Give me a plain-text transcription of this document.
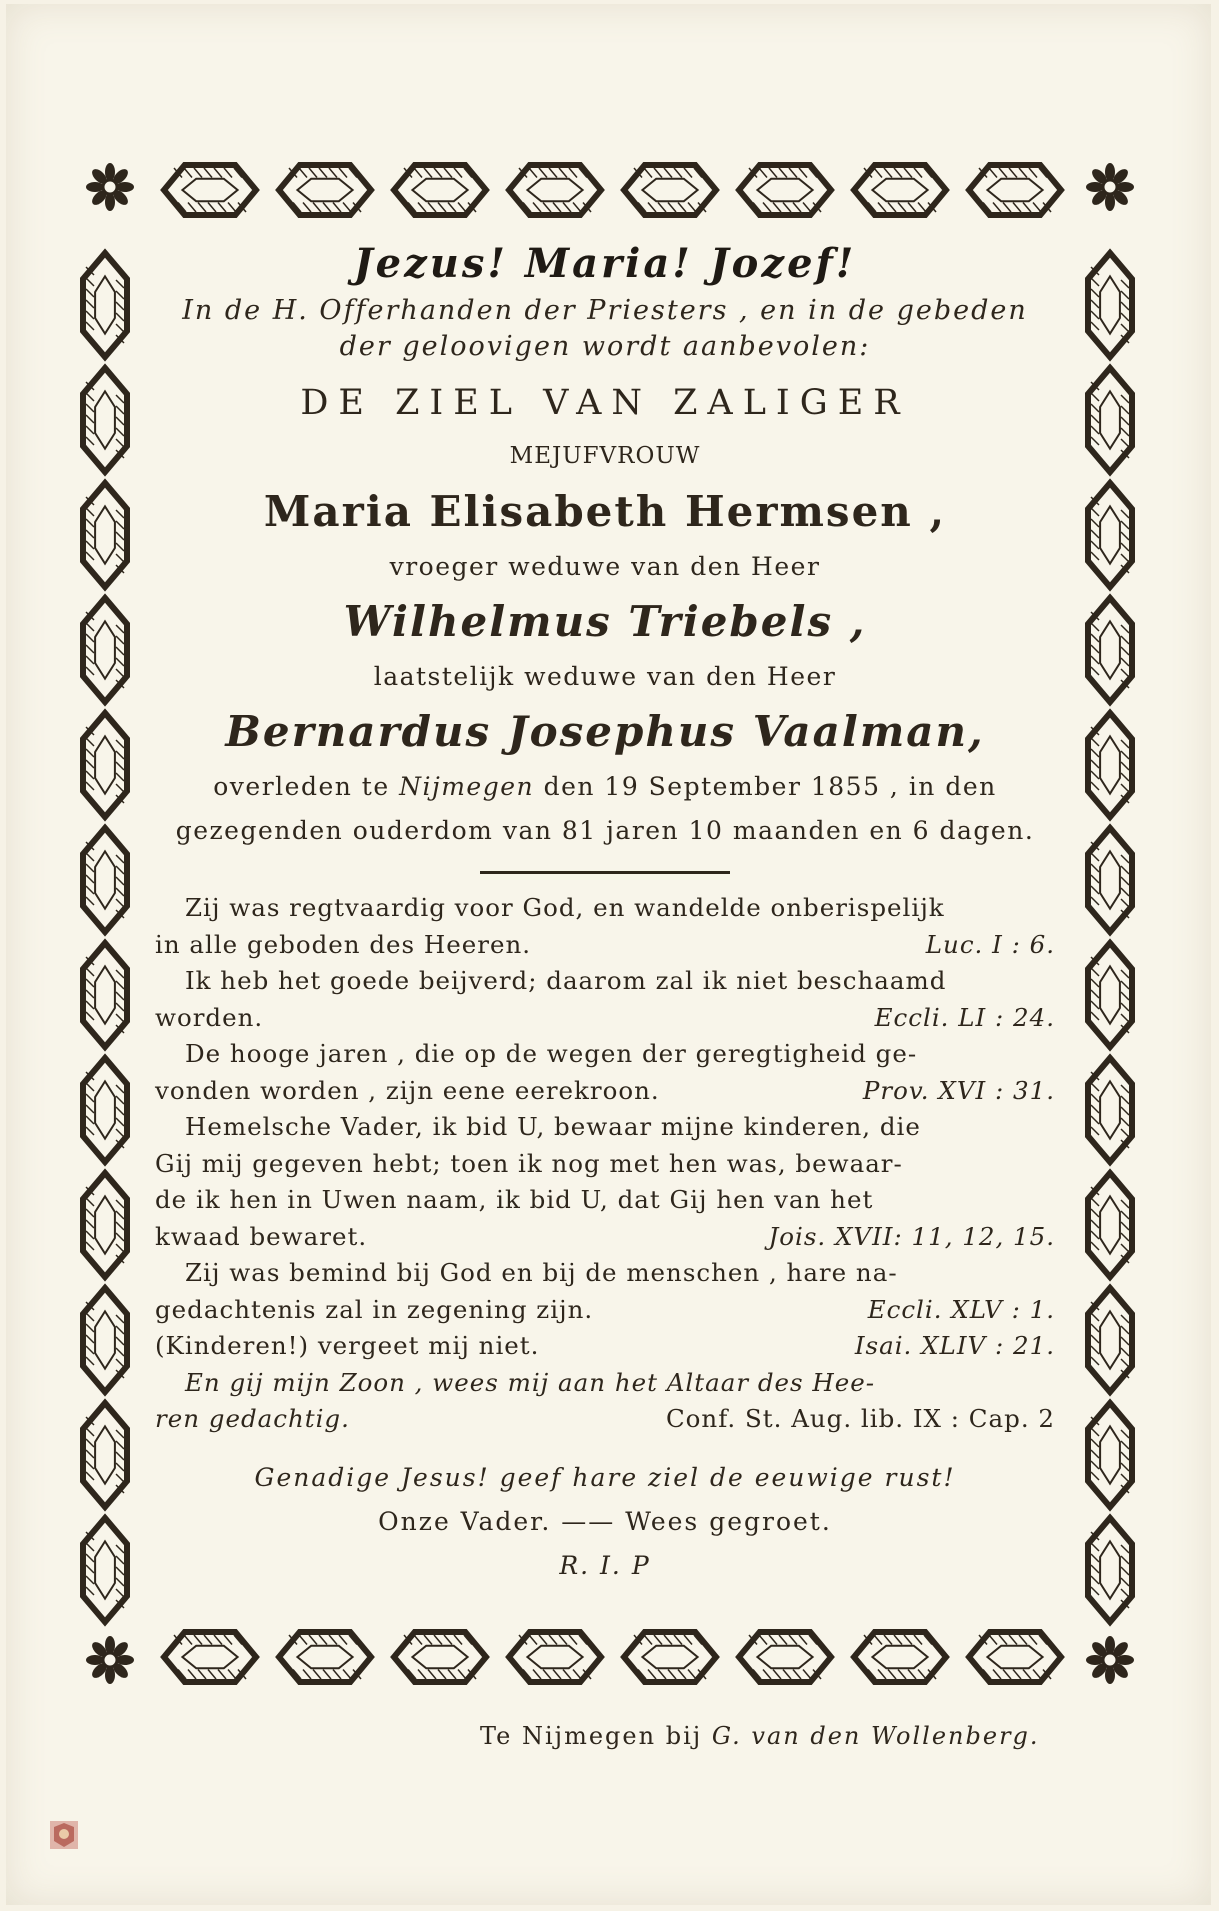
Jezus! Maria! Jozef!
In de H. Offerhanden der Priesters , en in de gebeden
der geloovigen wordt aanbevolen:
DE ZIEL VAN ZALIGER
MEJUFVROUW
Maria Elisabeth Hermsen ,
vroeger weduwe van den Heer
Wilhelmus Triebels ,
laatstelijk weduwe van den Heer
Bernardus Josephus Vaalman,
overleden te Nijmegen den 19 September 1855 , in den
gezegenden ouderdom van 81 jaren 10 maanden en 6 dagen.
Zij was regtvaardig voor God, en wandelde onberispelijk
in alle geboden des Heeren.	Luc. I : 6.
Ik heb het goede beijverd; daarom zal ik niet beschaamd
worden.	Eccli. LI : 24.
De hooge jaren , die op de wegen der geregtigheid ge-
vonden worden , zijn eene eerekroon.	Prov. XVI : 31.
Hemelsche Vader, ik bid U, bewaar mijne kinderen, die
Gij mij gegeven hebt; toen ik nog met hen was, bewaar-
de ik hen in Uwen naam, ik bid U, dat Gij hen van het
kwaad bewaret.	Jois. XVII: 11, 12, 15.
Zij was bemind bij God en bij de menschen , hare na-
gedachtenis zal in zegening zijn.	Eccli. XLV : 1.
(Kinderen!) vergeet mij niet.	Isai. XLIV : 21.
En gij mijn Zoon , wees mij aan het Altaar des Hee-
ren gedachtig.	Conf. St. Aug. lib. IX : Cap. 2
Genadige Jesus! geef hare ziel de eeuwige rust!
Onze Vader. —— Wees gegroet.
R. I. P
Te Nijmegen bij G. van den Wollenberg.
